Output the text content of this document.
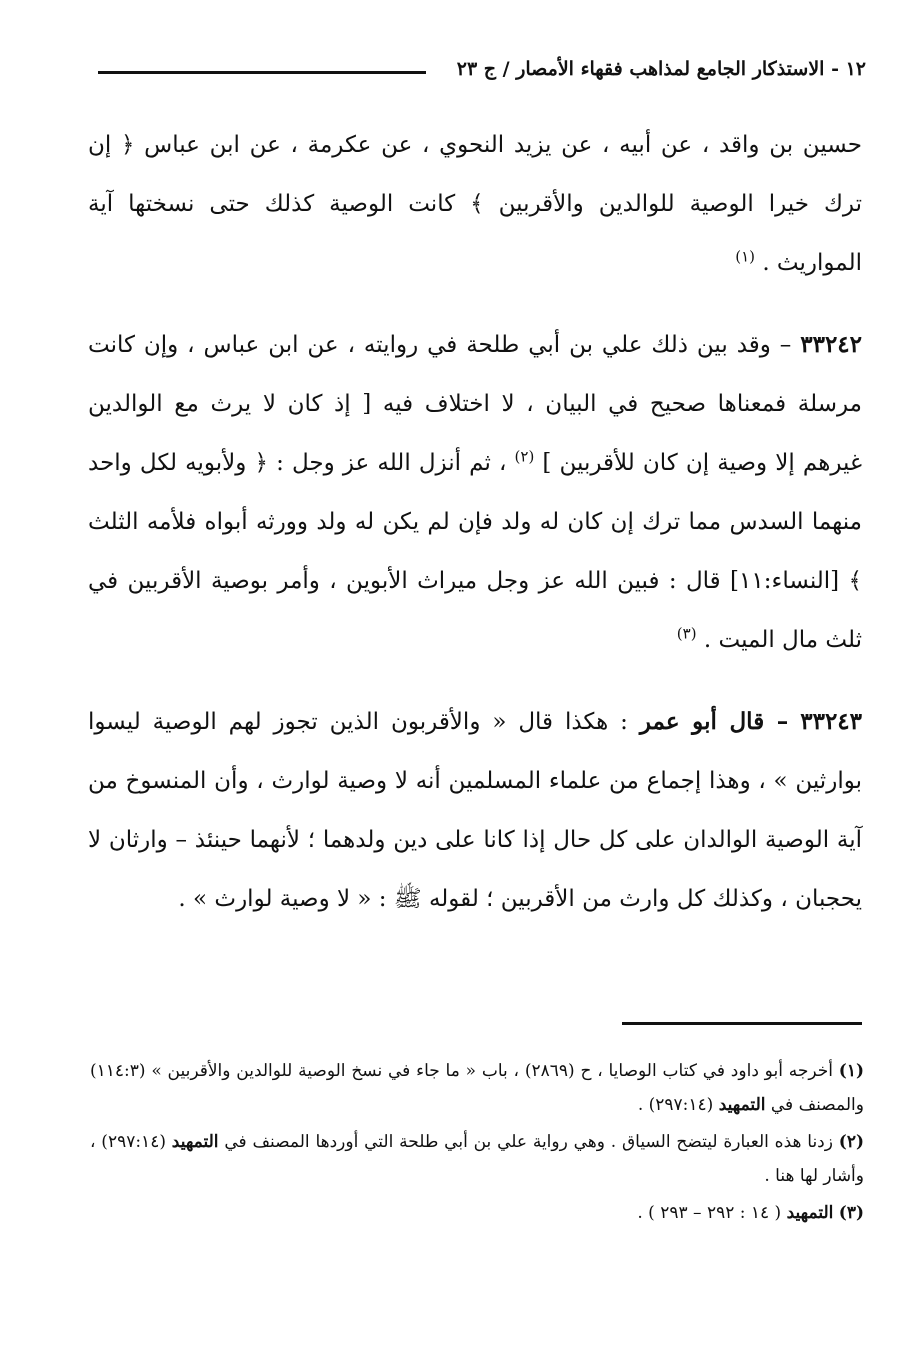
١٢ - الاستذكار الجامع لمذاهب فقهاء الأمصار / ج ٢٣

حسين بن واقد ، عن أبيه ، عن يزيد النحوي ، عن عكرمة ، عن ابن عباس ﴿ إن ترك خيرا الوصية للوالدين والأقربين ﴾ كانت الوصية كذلك حتى نسختها آية المواريث . $^{(١)}$

٣٣٢٤٢ – وقد بين ذلك علي بن أبي طلحة في روايته ، عن ابن عباس ، وإن كانت مرسلة فمعناها صحيح في البيان ، لا اختلاف فيه [ إذ كان لا يرث مع الوالدين غيرهم إلا وصية إن كان للأقربين ] $^{(٢)}$ ، ثم أنزل الله عز وجل : ﴿ ولأبويه لكل واحد منهما السدس مما ترك إن كان له ولد فإن لم يكن له ولد وورثه أبواه فلأمه الثلث ﴾ [النساء:١١] قال : فبين الله عز وجل ميراث الأبوين ، وأمر بوصية الأقربين في ثلث مال الميت . $^{(٣)}$

٣٣٢٤٣ – قال أبو عمر : هكذا قال « والأقربون الذين تجوز لهم الوصية ليسوا بوارثين » ، وهذا إجماع من علماء المسلمين أنه لا وصية لوارث ، وأن المنسوخ من آية الوصية الوالدان على كل حال إذا كانا على دين ولدهما ؛ لأنهما حينئذ – وارثان لا يحجبان ، وكذلك كل وارث من الأقربين ؛ لقوله ﷺ : « لا وصية لوارث » .

(١) أخرجه أبو داود في كتاب الوصايا ، ح (٢٨٦٩) ، باب « ما جاء في نسخ الوصية للوالدين والأقربين » (١١٤:٣) والمصنف في التمهيد (٢٩٧:١٤) .

(٢) زدنا هذه العبارة ليتضح السياق . وهي رواية علي بن أبي طلحة التي أوردها المصنف في التمهيد (٢٩٧:١٤) ، وأشار لها هنا .

(٣) التمهيد ( ١٤ : ٢٩٢ – ٢٩٣ ) .
